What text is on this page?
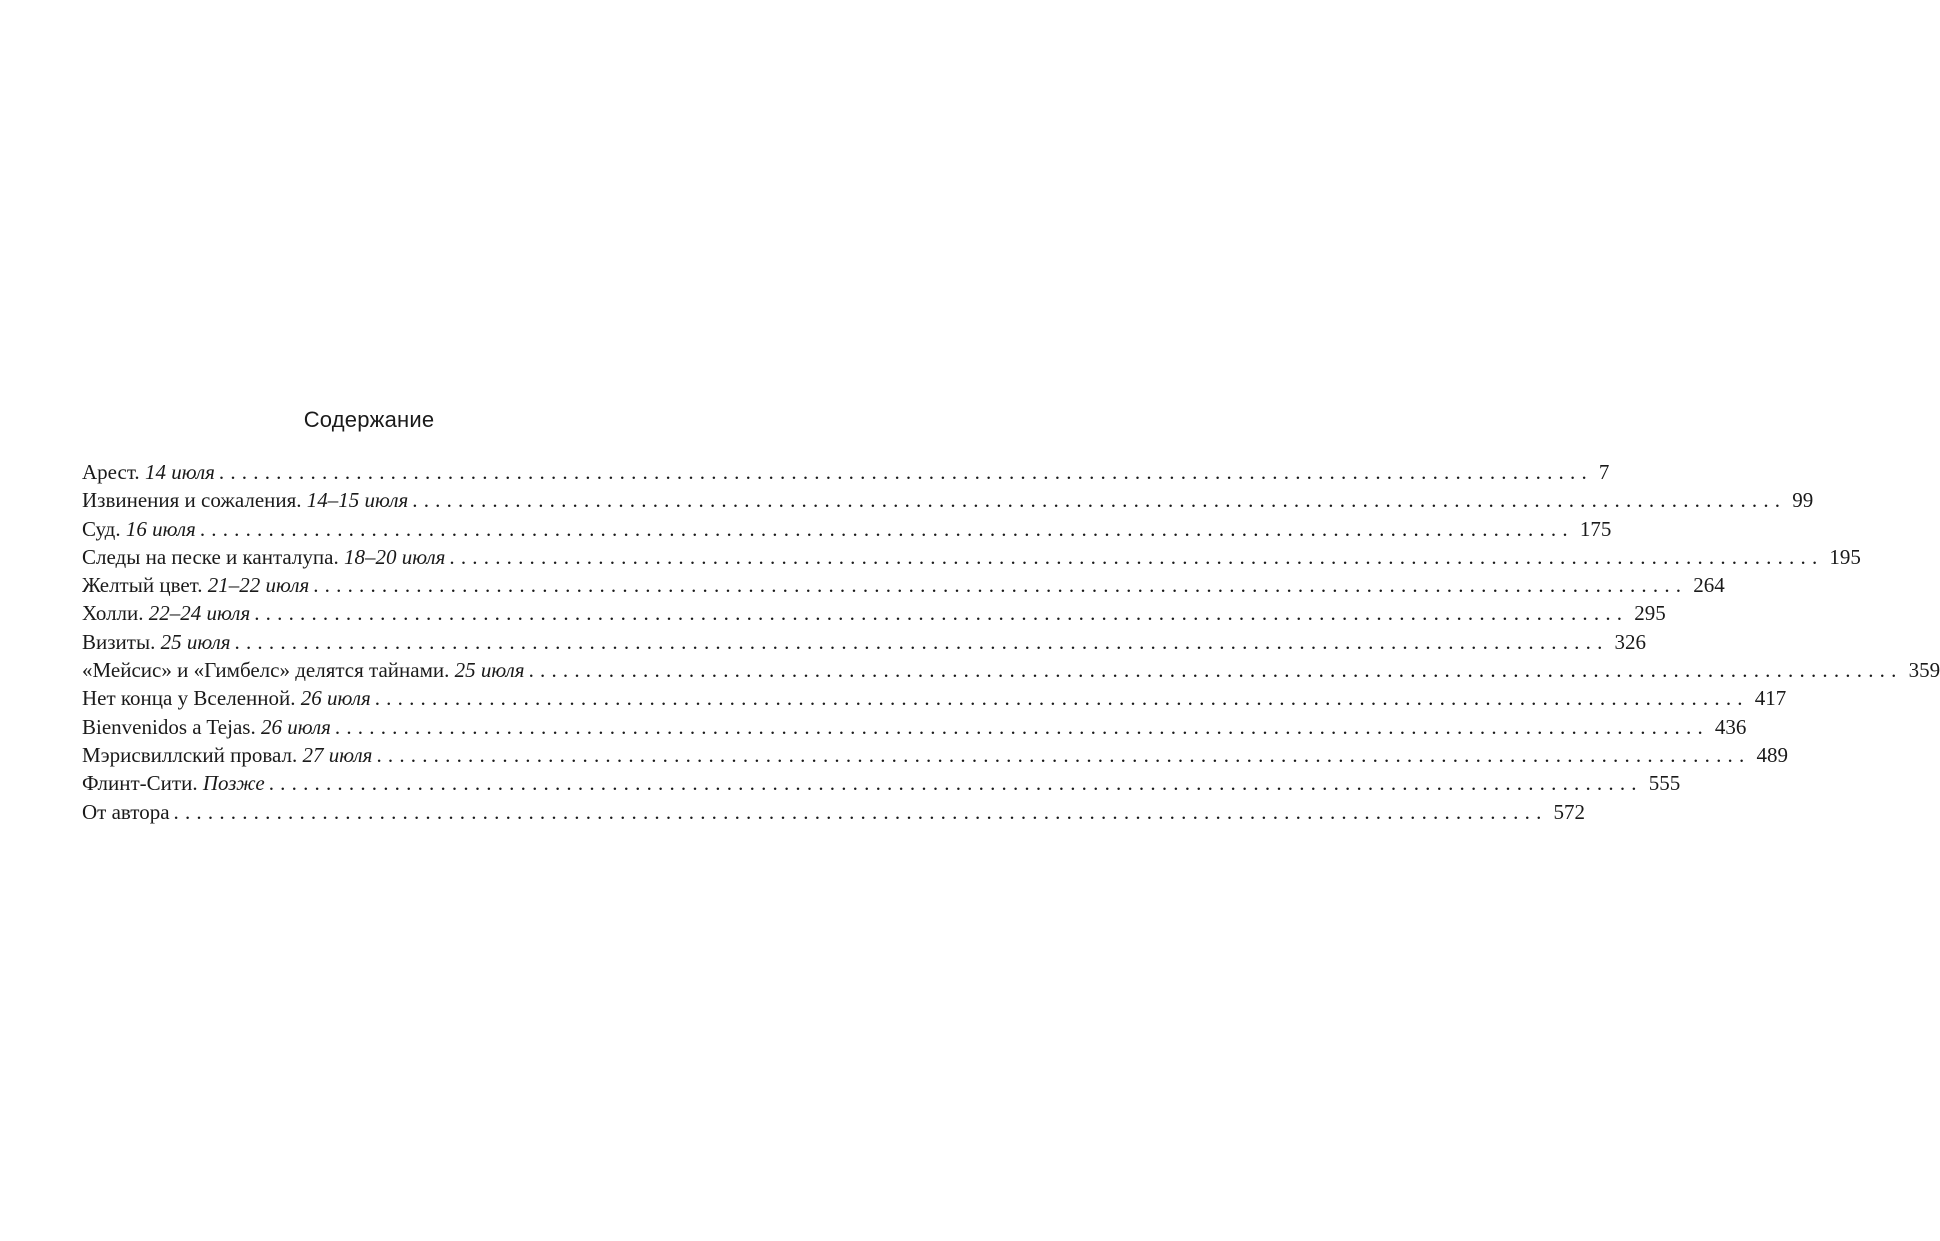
Содержание
Арест. 14 июля ........................................................................................................................ 7
Извинения и сожаления. 14–15 июля ........................................................................................................................ 99
Суд. 16 июля ........................................................................................................................ 175
Следы на песке и канталупа. 18–20 июля ........................................................................................................................ 195
Желтый цвет. 21–22 июля ........................................................................................................................ 264
Холли. 22–24 июля ........................................................................................................................ 295
Визиты. 25 июля ........................................................................................................................ 326
«Мейсис» и «Гимбелс» делятся тайнами. 25 июля ........................................................................................................................ 359
Нет конца у Вселенной. 26 июля ........................................................................................................................ 417
Bienvenidos a Tejas. 26 июля ........................................................................................................................ 436
Мэрисвиллский провал. 27 июля ........................................................................................................................ 489
Флинт-Сити. Позже ........................................................................................................................ 555
От автора ........................................................................................................................ 572
